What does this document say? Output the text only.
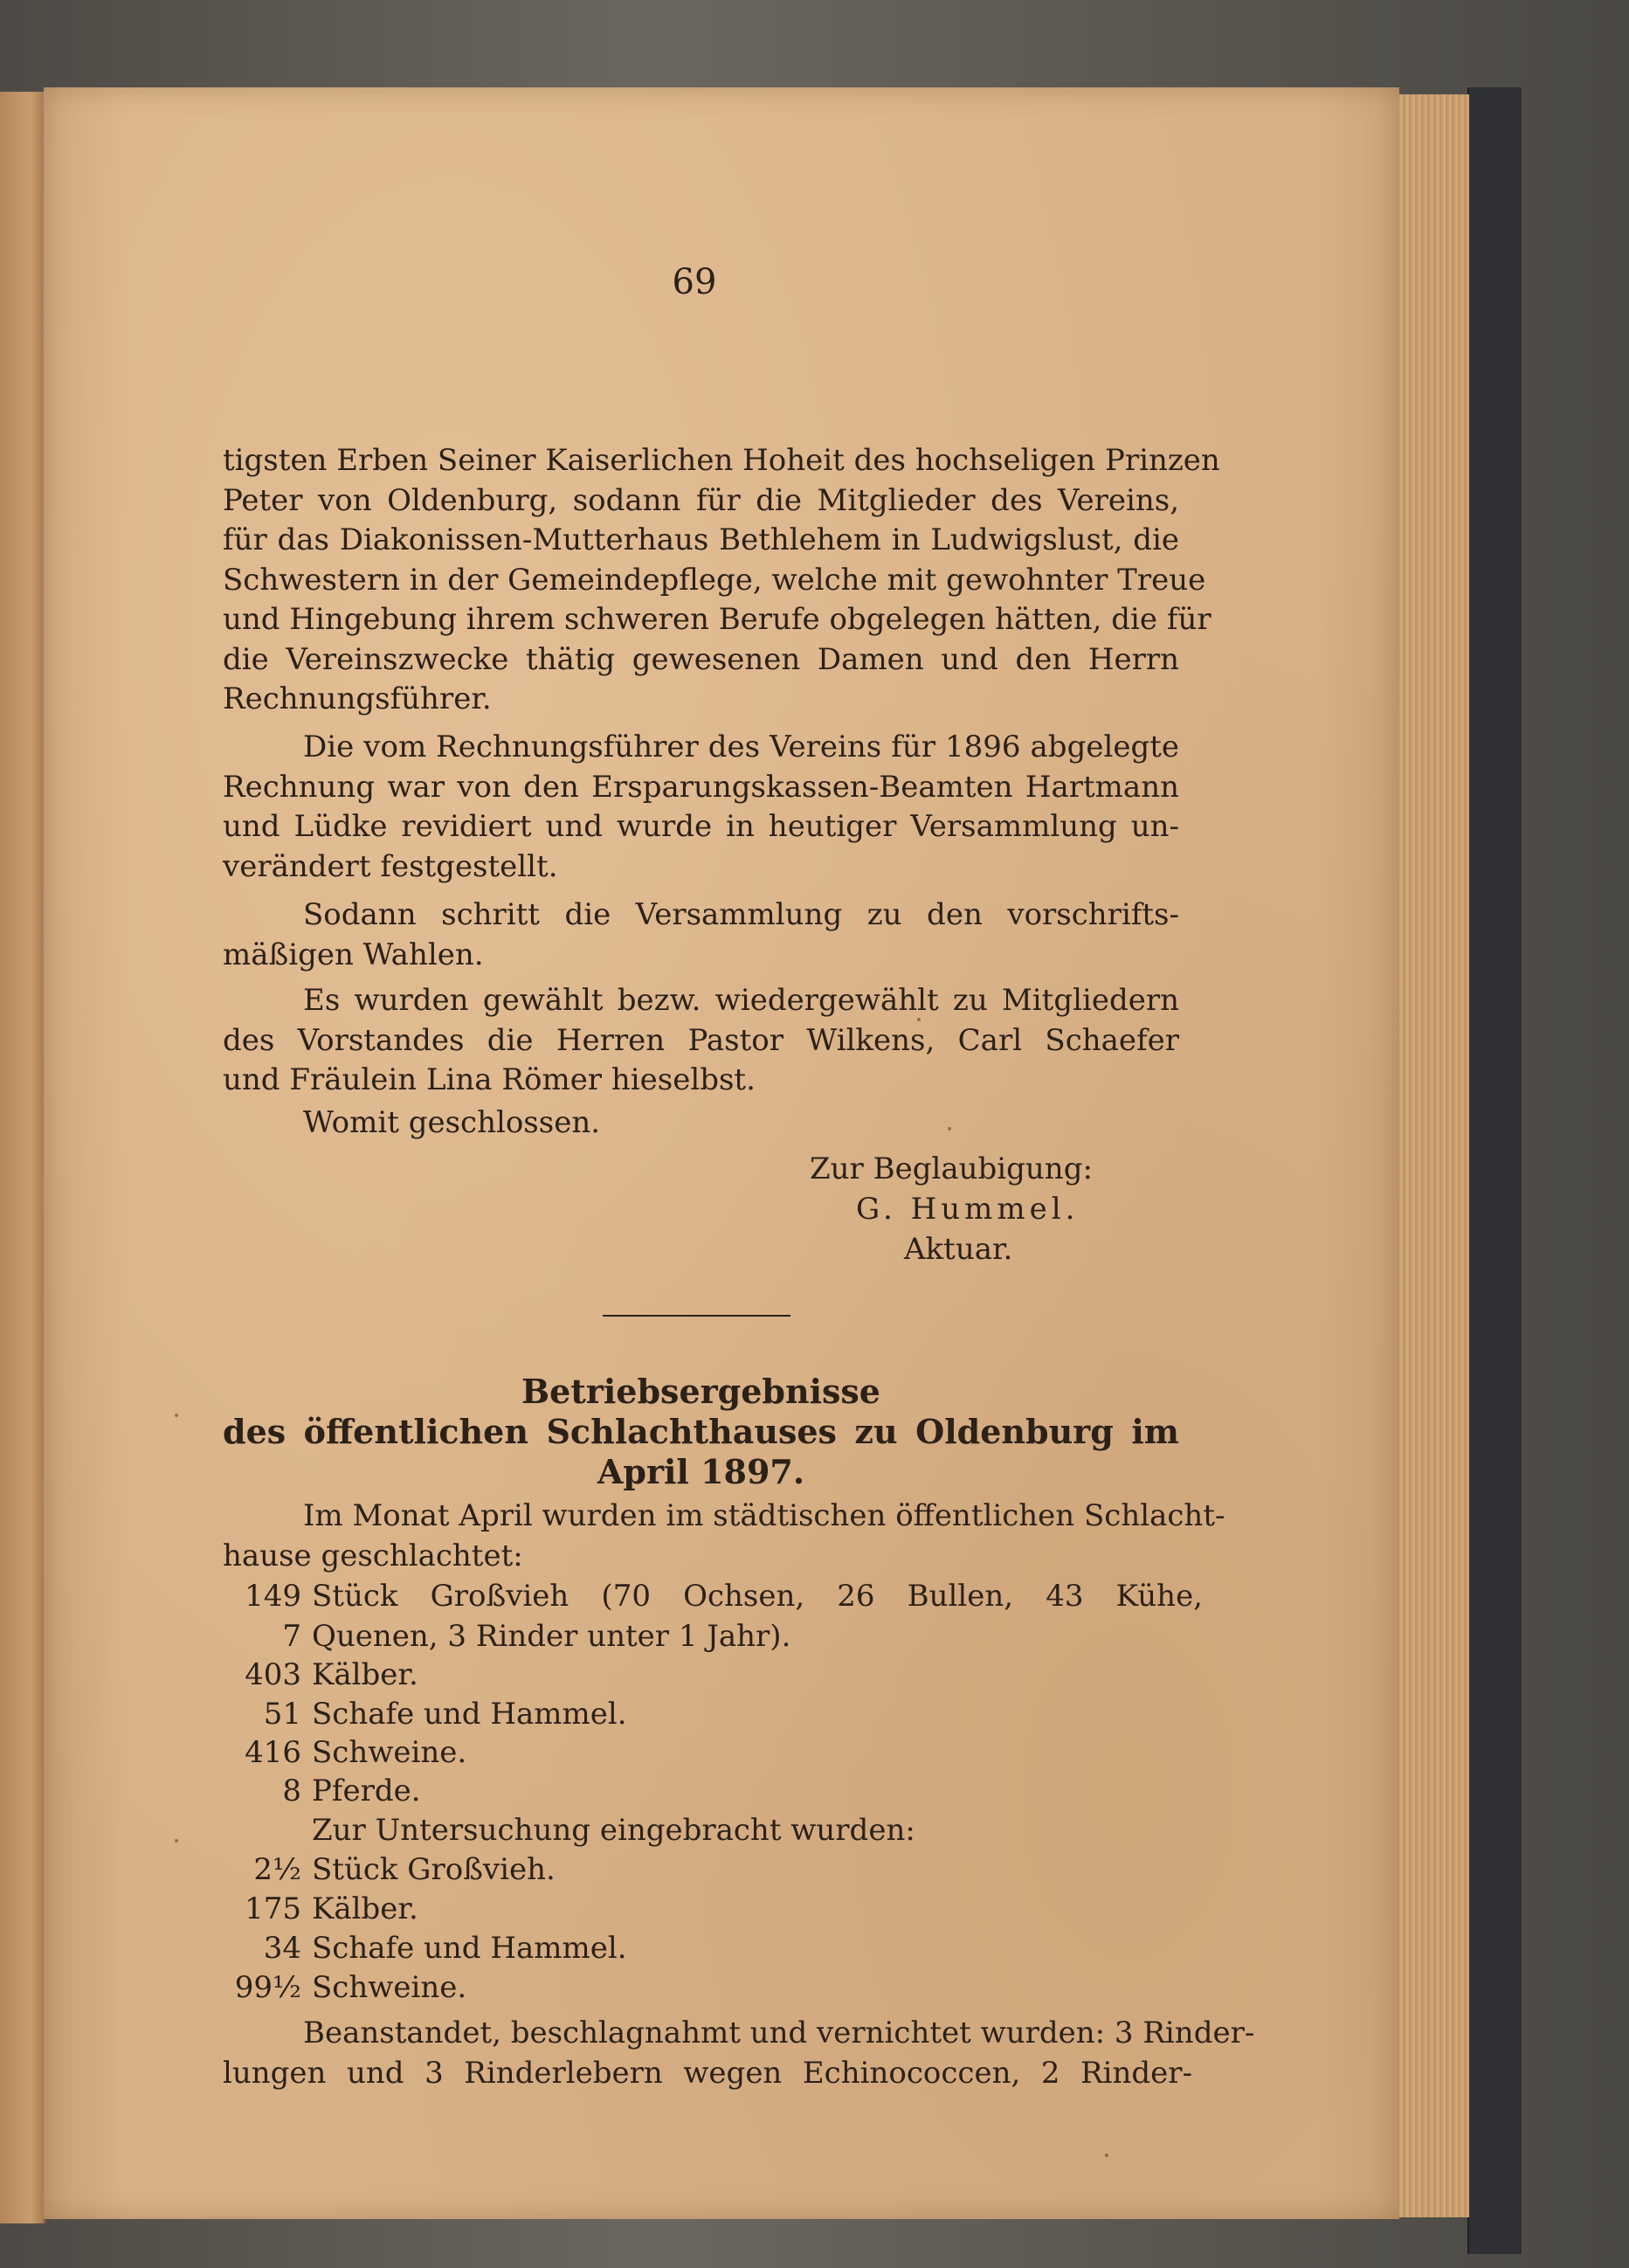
69
tigsten Erben Seiner Kaiserlichen Hoheit des hochseligen Prinzen
Peter von Oldenburg, sodann für die Mitglieder des Vereins,
für das Diakonissen-Mutterhaus Bethlehem in Ludwigslust, die
Schwestern in der Gemeindepflege, welche mit gewohnter Treue
und Hingebung ihrem schweren Berufe obgelegen hätten, die für
die Vereinszwecke thätig gewesenen Damen und den Herrn
Rechnungsführer.
Die vom Rechnungsführer des Vereins für 1896 abgelegte
Rechnung war von den Ersparungskassen-Beamten Hartmann
und Lüdke revidiert und wurde in heutiger Versammlung un-
verändert festgestellt.
Sodann schritt die Versammlung zu den vorschrifts-
mäßigen Wahlen.
Es wurden gewählt bezw. wiedergewählt zu Mitgliedern
des Vorstandes die Herren Pastor Wilkens, Carl Schaefer
und Fräulein Lina Römer hieselbst.
Womit geschlossen.
Zur Beglaubigung:
G. Hummel.
Aktuar.
Betriebsergebnisse
des öffentlichen Schlachthauses zu Oldenburg im
April 1897.
Im Monat April wurden im städtischen öffentlichen Schlacht-
hause geschlachtet:
149 Stück Großvieh (70 Ochsen, 26 Bullen, 43 Kühe,
7 Quenen, 3 Rinder unter 1 Jahr).
403 Kälber.
51 Schafe und Hammel.
416 Schweine.
8 Pferde.
Zur Untersuchung eingebracht wurden:
2½ Stück Großvieh.
175 Kälber.
34 Schafe und Hammel.
99½ Schweine.
Beanstandet, beschlagnahmt und vernichtet wurden: 3 Rinder-
lungen und 3 Rinderlebern wegen Echinococcen, 2 Rinder-
